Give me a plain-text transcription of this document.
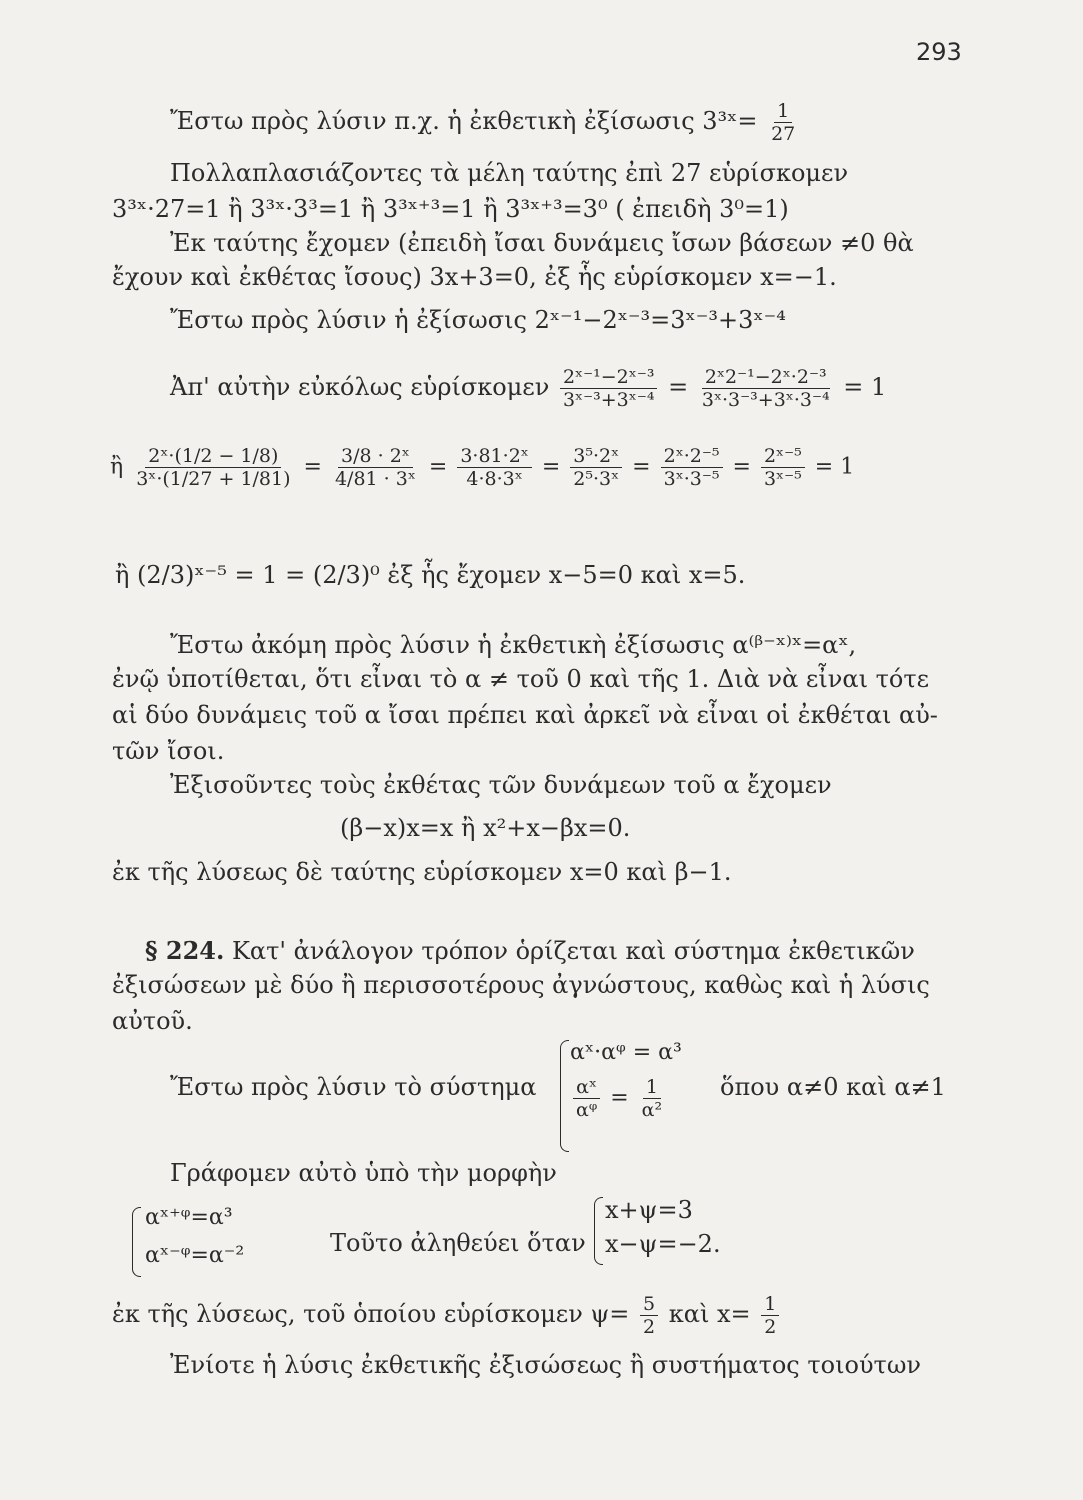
293
Ἔστω πρὸς λύσιν π.χ. ἡ ἐκθετικὴ ἐξίσωσις 3³ˣ= $\frac{1}{27}$
Πολλαπλασιάζοντες τὰ μέλη ταύτης ἐπὶ 27 εὑρίσκομεν
3³ˣ·27=1 ἢ 3³ˣ·3³=1 ἢ 3³ˣ⁺³=1 ἢ 3³ˣ⁺³=3⁰ ( ἐπειδὴ 3⁰=1)
Ἐκ ταύτης ἔχομεν (ἐπειδὴ ἴσαι δυνάμεις ἴσων βάσεων ≠0 θὰ
ἔχουν καὶ ἐκθέτας ἴσους) 3x+3=0, ἐξ ἧς εὑρίσκομεν x=−1.
Ἔστω πρὸς λύσιν ἡ ἐξίσωσις 2ˣ⁻¹−2ˣ⁻³=3ˣ⁻³+3ˣ⁻⁴
Ἀπ' αὐτὴν εὐκόλως εὑρίσκομεν $\frac{\text{2ˣ⁻¹−2ˣ⁻³}}{\text{3ˣ⁻³+3ˣ⁻⁴}} = \frac{\text{2ˣ2⁻¹−2ˣ·2⁻³}}{\text{3ˣ·3⁻³+3ˣ·3⁻⁴}} = 1$
ἢ $\frac{\text{2ˣ·(1/2 − 1/8)}}{\text{3ˣ·(1/27 + 1/81)}} = \frac{\text{3/8 · 2ˣ}}{\text{4/81 · 3ˣ}} = \frac{\text{3·81·2ˣ}}{\text{4·8·3ˣ}} = \frac{\text{3⁵·2ˣ}}{\text{2⁵·3ˣ}} = \frac{\text{2ˣ·2⁻⁵}}{\text{3ˣ·3⁻⁵}} = \frac{\text{2ˣ⁻⁵}}{\text{3ˣ⁻⁵}} = 1$
ἢ (2/3)ˣ⁻⁵ = 1 = (2/3)⁰ ἐξ ἧς ἔχομεν x−5=0 καὶ x=5.
Ἔστω ἀκόμη πρὸς λύσιν ἡ ἐκθετικὴ ἐξίσωσις α⁽ᵝ⁻ˣ⁾ˣ=αˣ,
ἐνῷ ὑποτίθεται, ὅτι εἶναι τὸ α ≠ τοῦ 0 καὶ τῆς 1. Διὰ νὰ εἶναι τότε
αἱ δύο δυνάμεις τοῦ α ἴσαι πρέπει καὶ ἀρκεῖ νὰ εἶναι οἱ ἐκθέται αὐ-
τῶν ἴσοι.
Ἐξισοῦντες τοὺς ἐκθέτας τῶν δυνάμεων τοῦ α ἔχομεν
(β−x)x=x ἢ x²+x−βx=0.
ἐκ τῆς λύσεως δὲ ταύτης εὑρίσκομεν x=0 καὶ β−1.
§ 224. Κατ' ἀνάλογον τρόπον ὁρίζεται καὶ σύστημα ἐκθετικῶν
ἐξισώσεων μὲ δύο ἢ περισσοτέρους ἀγνώστους, καθὼς καὶ ἡ λύσις
αὐτοῦ.
Ἔστω πρὸς λύσιν τὸ σύστημα
αˣ·αᵠ = α³
$\frac{\text{αˣ}}{\text{αᵠ}} = \frac{1}{\text{α²}}$ ὅπου α≠0 καὶ α≠1
Γράφομεν αὐτὸ ὑπὸ τὴν μορφὴν
αˣ⁺ᵠ=α³
αˣ⁻ᵠ=α⁻²	Τοῦτο ἀληθεύει ὅταν
x+ψ=3
x−ψ=−2.
ἐκ τῆς λύσεως, τοῦ ὁποίου εὑρίσκομεν $\psi= \frac{5}{2}$ καὶ $x= \frac{1}{2}$
Ἐνίοτε ἡ λύσις ἐκθετικῆς ἐξισώσεως ἢ συστήματος τοιούτων
